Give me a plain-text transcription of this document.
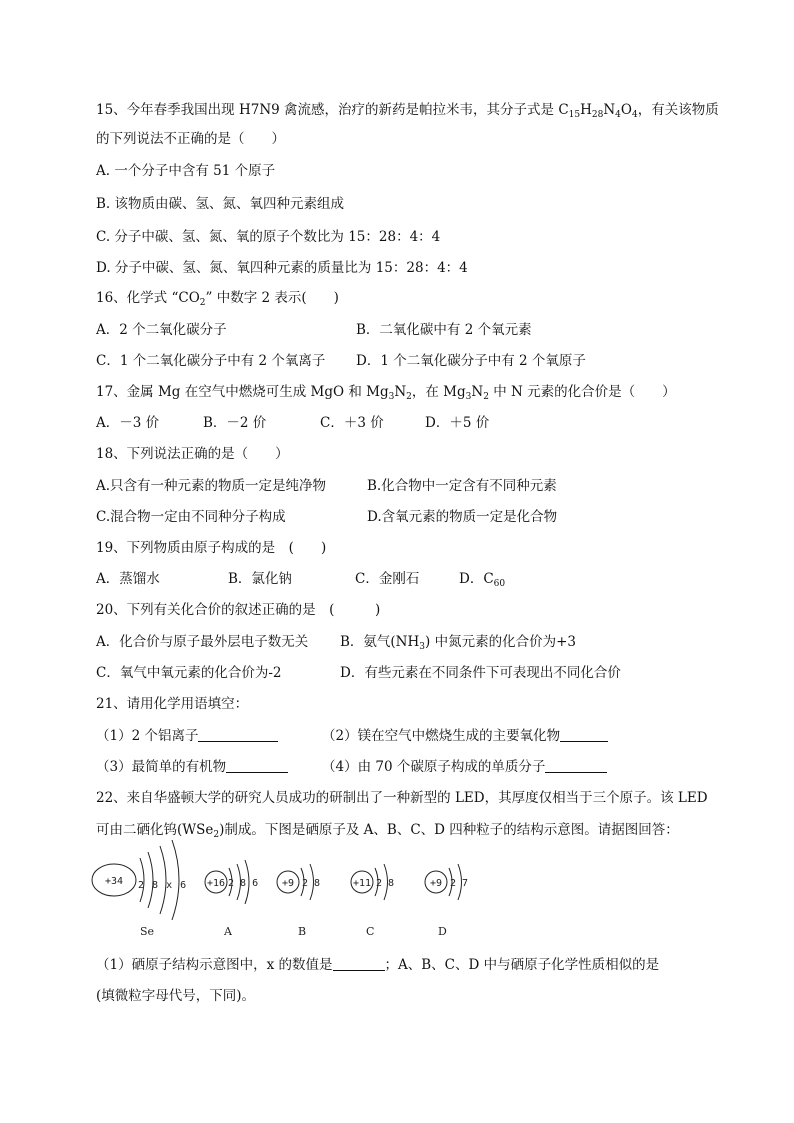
15、今年春季我国出现 H7N9 禽流感，治疗的新药是帕拉米韦，其分子式是 $C_{15}H_{28}N_4O_4$，有关该物质
的下列说法不正确的是（　　）
A. 一个分子中含有 51 个原子
B. 该物质由碳、氢、氮、氧四种元素组成
C. 分子中碳、氢、氮、氧的原子个数比为 15：28：4：4
D. 分子中碳、氢、氮、氧四种元素的质量比为 15：28：4：4
16、化学式 “$CO_2$” 中数字 2 表示(　　)
A．2 个二氧化碳分子	B．二氧化碳中有 2 个氧元素
C．1 个二氧化碳分子中有 2 个氧离子 D．1 个二氧化碳分子中有 2 个氧原子
17、金属 Mg 在空气中燃烧可生成 MgO 和 $Mg_3N_2$，在 $Mg_3N_2$ 中 N 元素的化合价是（　　）
A．－3 价	B．－2 价	C．＋3 价	D．＋5 价
18、下列说法正确的是（　　）
A.只含有一种元素的物质一定是纯净物	B.化合物中一定含有不同种元素
C.混合物一定由不同种分子构成	D.含氧元素的物质一定是化合物
19、下列物质由原子构成的是　(　　)
A．蒸馏水	B．氯化钠	C．金刚石	D．$C_{60}$
20、下列有关化合价的叙述正确的是　(　　　)
A．化合价与原子最外层电子数无关 B．氨气$(NH_3)$ 中氮元素的化合价为+3
C．氧气中氧元素的化合价为-2	D．有些元素在不同条件下可表现出不同化合价
21、请用化学用语填空：
（1）2 个铝离子	（2）镁在空气中燃烧生成的主要氧化物
（3）最简单的有机物	（4）由 70 个碳原子构成的单质分子
22、来自华盛顿大学的研究人员成功的研制出了一种新型的 LED，其厚度仅相当于三个原子。该 LED
可由二硒化钨(WSe$_2$)制成。下图是硒原子及 A、B、C、D 四种粒子的结构示意图。请据图回答：
+34 2 8 x 6
Se
+16 2 8 6
A
+9 2 8
B
+11 2 8
C
+9 2 7
D
（1）硒原子结构示意图中，x 的数值是	；A、B、C、D 中与硒原子化学性质相似的是
(填微粒字母代号，下同)。
